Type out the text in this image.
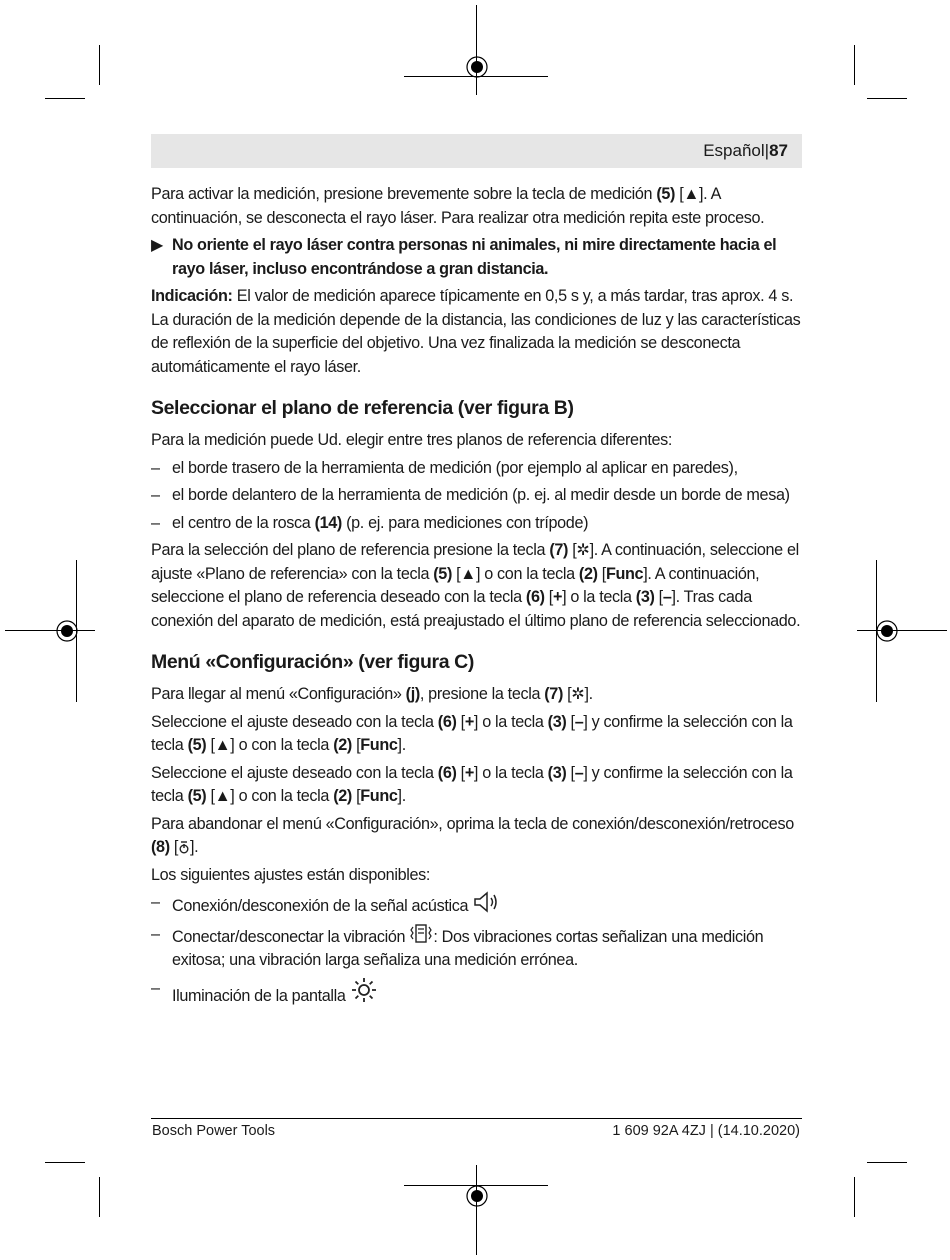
Español|87

Para activar la medición, presione brevemente sobre la tecla de medición (5) [▲]. A continuación, se desconecta el rayo láser. Para realizar otra medición repita este proceso.

▶ No oriente el rayo láser contra personas ni animales, ni mire directamente hacia el rayo láser, incluso encontrándose a gran distancia.

Indicación: El valor de medición aparece típicamente en 0,5 s y, a más tardar, tras aprox. 4 s. La duración de la medición depende de la distancia, las condiciones de luz y las características de reflexión de la superficie del objetivo. Una vez finalizada la medición se desconecta automáticamente el rayo láser.

Seleccionar el plano de referencia (ver figura B)

Para la medición puede Ud. elegir entre tres planos de referencia diferentes:

– el borde trasero de la herramienta de medición (por ejemplo al aplicar en paredes),
– el borde delantero de la herramienta de medición (p. ej. al medir desde un borde de mesa)
– el centro de la rosca (14) (p. ej. para mediciones con trípode)

Para la selección del plano de referencia presione la tecla (7) [✲]. A continuación, seleccione el ajuste «Plano de referencia» con la tecla (5) [▲] o con la tecla (2) [Func]. A continuación, seleccione el plano de referencia deseado con la tecla (6) [+] o la tecla (3) [–]. Tras cada conexión del aparato de medición, está preajustado el último plano de referencia seleccionado.

Menú «Configuración» (ver figura C)

Para llegar al menú «Configuración» (j), presione la tecla (7) [✲].

Seleccione el ajuste deseado con la tecla (6) [+] o la tecla (3) [–] y confirme la selección con la tecla (5) [▲] o con la tecla (2) [Func].

Seleccione el ajuste deseado con la tecla (6) [+] o la tecla (3) [–] y confirme la selección con la tecla (5) [▲] o con la tecla (2) [Func].

Para abandonar el menú «Configuración», oprima la tecla de conexión/desconexión/retroceso (8) [ ].

Los siguientes ajustes están disponibles:

– Conexión/desconexión de la señal acústica
– Conectar/desconectar la vibración : Dos vibraciones cortas señalizan una medición exitosa; una vibración larga señaliza una medición errónea.
– Iluminación de la pantalla
Bosch Power Tools	1 609 92A 4ZJ | (14.10.2020)
